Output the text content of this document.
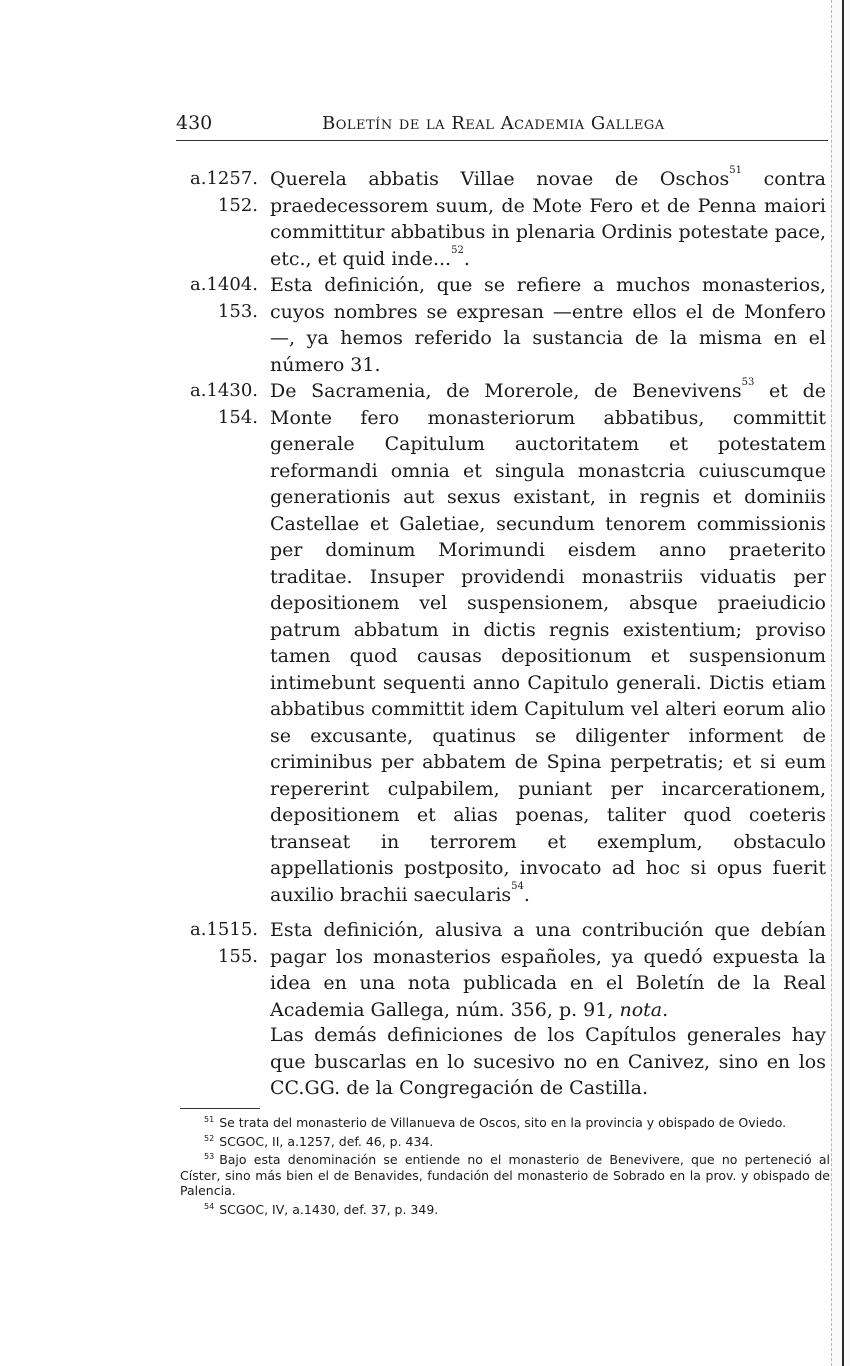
430	Boletín de la Real Academia Gallega
a.1257.
152.
Querela abbatis Villae novae de Oschos$^{51}$ contra praedecessorem suum, de Mote Fero et de Penna maiori committitur abbatibus in plenaria Ordinis potestate pace, etc., et quid inde...$^{52}$.
a.1404.
153.
Esta definición, que se refiere a muchos monasterios, cuyos nombres se expresan —entre ellos el de Monfero—, ya hemos referido la sustancia de la misma en el número 31.
a.1430.
154.
De Sacramenia, de Morerole, de Benevivens$^{53}$ et de Monte fero monasteriorum abbatibus, committit generale Capitulum auctoritatem et potestatem reformandi omnia et singula monastcria cuiuscumque generationis aut sexus existant, in regnis et dominiis Castellae et Galetiae, secundum tenorem commissionis per dominum Morimundi eisdem anno praeterito traditae. Insuper providendi monastriis viduatis per depositionem vel suspensionem, absque praeiudicio patrum abbatum in dictis regnis existentium; proviso tamen quod causas depositionum et suspensionum intimebunt sequenti anno Capitulo generali. Dictis etiam abbatibus committit idem Capitulum vel alteri eorum alio se excusante, quatinus se diligenter informent de criminibus per abbatem de Spina perpetratis; et si eum repererint culpabilem, puniant per incarcerationem, depositionem et alias poenas, taliter quod coeteris transeat in terrorem et exemplum, obstaculo appellationis postposito, invocato ad hoc si opus fuerit auxilio brachii saecularis$^{54}$.
a.1515.
155.
Esta definición, alusiva a una contribución que debían pagar los monasterios españoles, ya quedó expuesta la idea en una nota publicada en el Boletín de la Real Academia Gallega, núm. 356, p. 91, nota.
Las demás definiciones de los Capítulos generales hay que buscarlas en lo sucesivo no en Canivez, sino en los CC.GG. de la Congregación de Castilla.
$^{51}$ Se trata del monasterio de Villanueva de Oscos, sito en la provincia y obispado de Oviedo.
$^{52}$ SCGOC, II, a.1257, def. 46, p. 434.
$^{53}$ Bajo esta denominación se entiende no el monasterio de Benevivere, que no perteneció al Císter, sino más bien el de Benavides, fundación del monasterio de Sobrado en la prov. y obispado de Palencia.
$^{54}$ SCGOC, IV, a.1430, def. 37, p. 349.
